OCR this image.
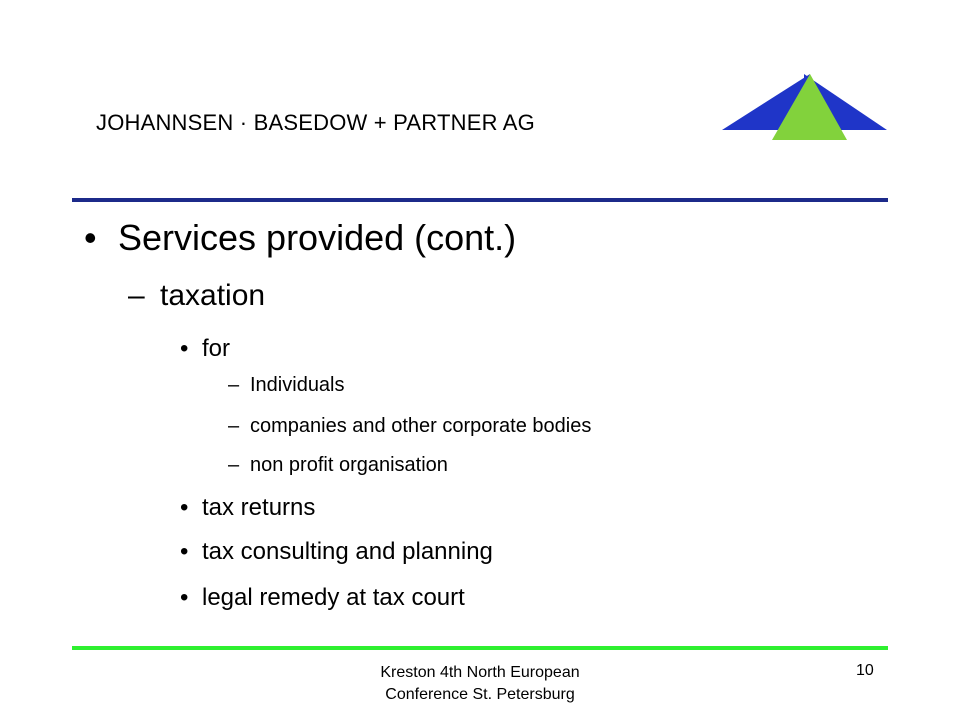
JOHANNSEN · BASEDOW + PARTNER AG
• Services provided (cont.)
– taxation
• for
– Individuals
– companies and other corporate bodies
– non profit organisation
• tax returns
• tax consulting and planning
• legal remedy at tax court
Kreston 4th North European
Conference St. Petersburg
10
